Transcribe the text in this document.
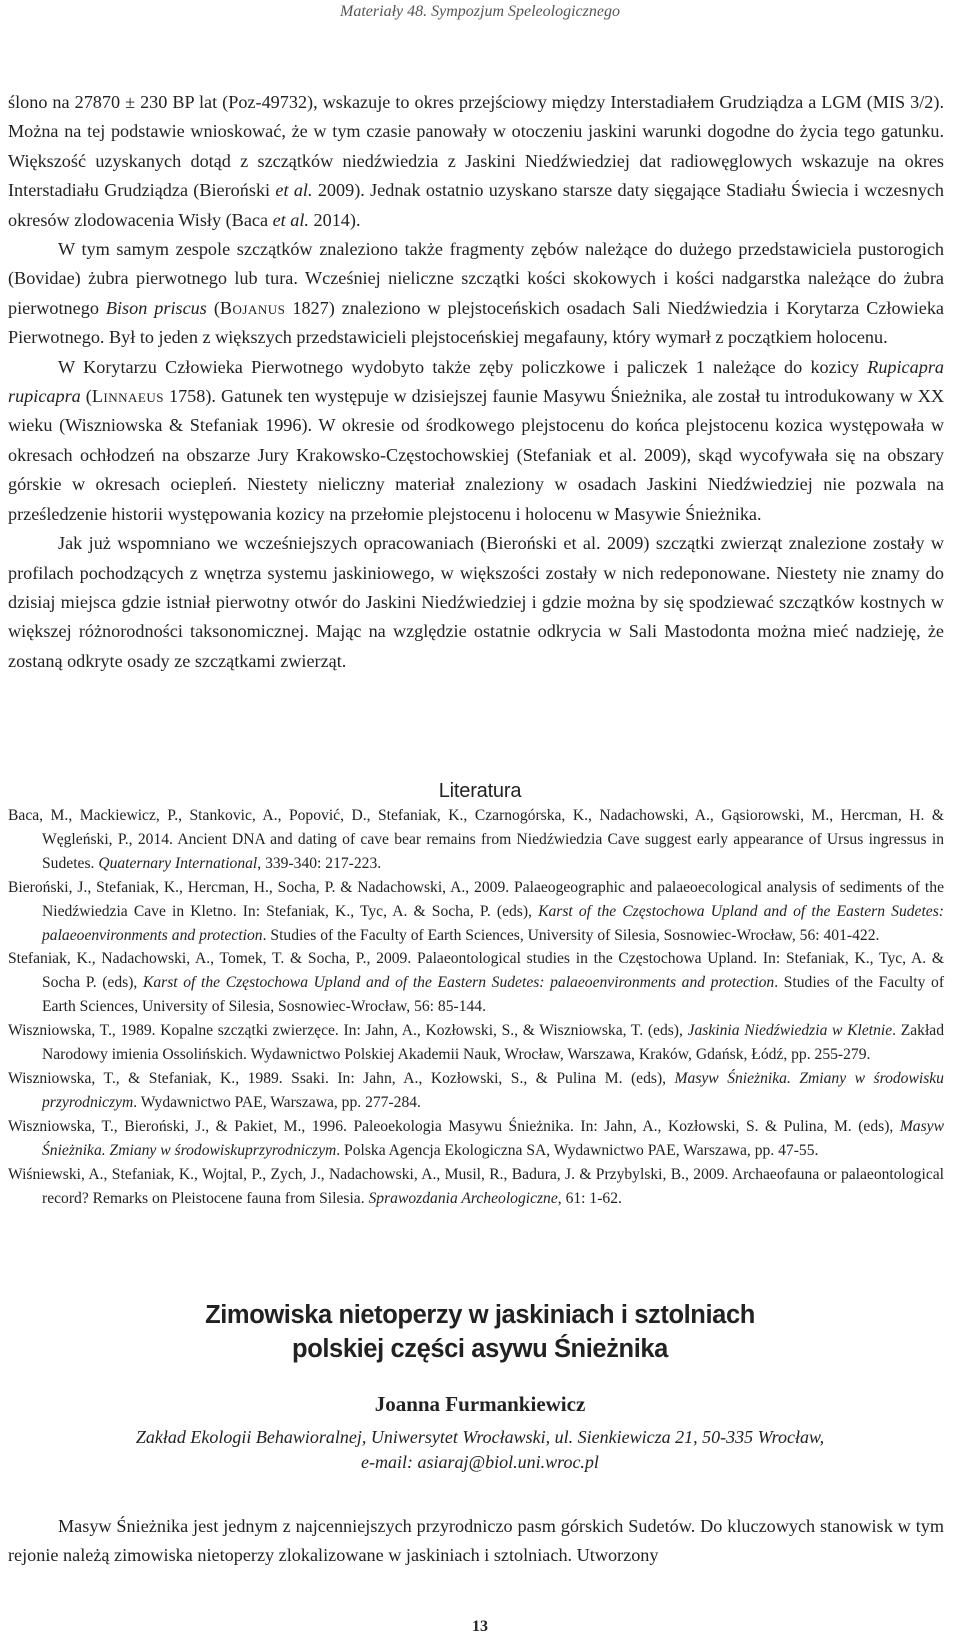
Materiały 48. Sympozjum Speleologicznego

ślono na 27870 ± 230 BP lat (Poz-49732), wskazuje to okres przejściowy między Interstadiałem Grudziądza a LGM (MIS 3/2). Można na tej podstawie wnioskować, że w tym czasie panowały w otoczeniu jaskini warunki dogodne do życia tego gatunku. Większość uzyskanych dotąd z szczątków niedźwiedzia z Jaskini Niedźwiedziej dat radiowęglowych wskazuje na okres Interstadiału Grudziądza (Bieroński et al. 2009). Jednak ostatnio uzyskano starsze daty sięgające Stadiału Świecia i wczesnych okresów zlodowacenia Wisły (Baca et al. 2014).

W tym samym zespole szczątków znaleziono także fragmenty zębów należące do dużego przedstawiciela pustorogich (Bovidae) żubra pierwotnego lub tura. Wcześniej nieliczne szczątki kości skokowych i kości nadgarstka należące do żubra pierwotnego Bison priscus (Bojanus 1827) znaleziono w plejstoceńskich osadach Sali Niedźwiedzia i Korytarza Człowieka Pierwotnego. Był to jeden z większych przedstawicieli plejstoceńskiej megafauny, który wymarł z początkiem holocenu.

W Korytarzu Człowieka Pierwotnego wydobyto także zęby policzkowe i paliczek 1 należące do kozicy Rupicapra rupicapra (Linnaeus 1758). Gatunek ten występuje w dzisiejszej faunie Masywu Śnieżnika, ale został tu introdukowany w XX wieku (Wiszniowska & Stefaniak 1996). W okresie od środkowego plejstocenu do końca plejstocenu kozica występowała w okresach ochłodzeń na obszarze Jury Krakowsko-Częstochowskiej (Stefaniak et al. 2009), skąd wycofywała się na obszary górskie w okresach ociepleń. Niestety nieliczny materiał znaleziony w osadach Jaskini Niedźwiedziej nie pozwala na prześledzenie historii występowania kozicy na przełomie plejstocenu i holocenu w Masywie Śnieżnika.

Jak już wspomniano we wcześniejszych opracowaniach (Bieroński et al. 2009) szczątki zwierząt znalezione zostały w profilach pochodzących z wnętrza systemu jaskiniowego, w większości zostały w nich redeponowane. Niestety nie znamy do dzisiaj miejsca gdzie istniał pierwotny otwór do Jaskini Niedźwiedziej i gdzie można by się spodziewać szczątków kostnych w większej różnorodności taksonomicznej. Mając na względzie ostatnie odkrycia w Sali Mastodonta można mieć nadzieję, że zostaną odkryte osady ze szczątkami zwierząt.

Literatura

Baca, M., Mackiewicz, P., Stankovic, A., Popović, D., Stefaniak, K., Czarnogórska, K., Nadachowski, A., Gąsiorowski, M., Hercman, H. & Węgleński, P., 2014. Ancient DNA and dating of cave bear remains from Niedźwiedzia Cave suggest early appearance of Ursus ingressus in Sudetes. Quaternary International, 339-340: 217-223.

Bieroński, J., Stefaniak, K., Hercman, H., Socha, P. & Nadachowski, A., 2009. Palaeogeographic and palaeoecological analysis of sediments of the Niedźwiedzia Cave in Kletno. In: Stefaniak, K., Tyc, A. & Socha, P. (eds), Karst of the Częstochowa Upland and of the Eastern Sudetes: palaeoenvironments and protection. Studies of the Faculty of Earth Sciences, University of Silesia, Sosnowiec-Wrocław, 56: 401-422.

Stefaniak, K., Nadachowski, A., Tomek, T. & Socha, P., 2009. Palaeontological studies in the Częstochowa Upland. In: Stefaniak, K., Tyc, A. & Socha P. (eds), Karst of the Częstochowa Upland and of the Eastern Sudetes: palaeoenvironments and protection. Studies of the Faculty of Earth Sciences, University of Silesia, Sosnowiec-Wrocław, 56: 85-144.

Wiszniowska, T., 1989. Kopalne szczątki zwierzęce. In: Jahn, A., Kozłowski, S., & Wiszniowska, T. (eds), Jaskinia Niedźwiedzia w Kletnie. Zakład Narodowy imienia Ossolińskich. Wydawnictwo Polskiej Akademii Nauk, Wrocław, Warszawa, Kraków, Gdańsk, Łódź, pp. 255-279.

Wiszniowska, T., & Stefaniak, K., 1989. Ssaki. In: Jahn, A., Kozłowski, S., & Pulina M. (eds), Masyw Śnieżnika. Zmiany w środowisku przyrodniczym. Wydawnictwo PAE, Warszawa, pp. 277-284.

Wiszniowska, T., Bieroński, J., & Pakiet, M., 1996. Paleoekologia Masywu Śnieżnika. In: Jahn, A., Kozłowski, S. & Pulina, M. (eds), Masyw Śnieżnika. Zmiany w środowiskuprzyrodniczym. Polska Agencja Ekologiczna SA, Wydawnictwo PAE, Warszawa, pp. 47-55.

Wiśniewski, A., Stefaniak, K., Wojtal, P., Zych, J., Nadachowski, A., Musil, R., Badura, J. & Przybylski, B., 2009. Archaeofauna or palaeontological record? Remarks on Pleistocene fauna from Silesia. Sprawozdania Archeologiczne, 61: 1-62.

Zimowiska nietoperzy w jaskiniach i sztolniach
polskiej części asywu Śnieżnika
Joanna Furmankiewicz
Zakład Ekologii Behawioralnej, Uniwersytet Wrocławski, ul. Sienkiewicza 21, 50-335 Wrocław,
e-mail: asiaraj@biol.uni.wroc.pl

Masyw Śnieżnika jest jednym z najcenniejszych przyrodniczo pasm górskich Sudetów. Do kluczowych stanowisk w tym rejonie należą zimowiska nietoperzy zlokalizowane w jaskiniach i sztolniach. Utworzony

13
